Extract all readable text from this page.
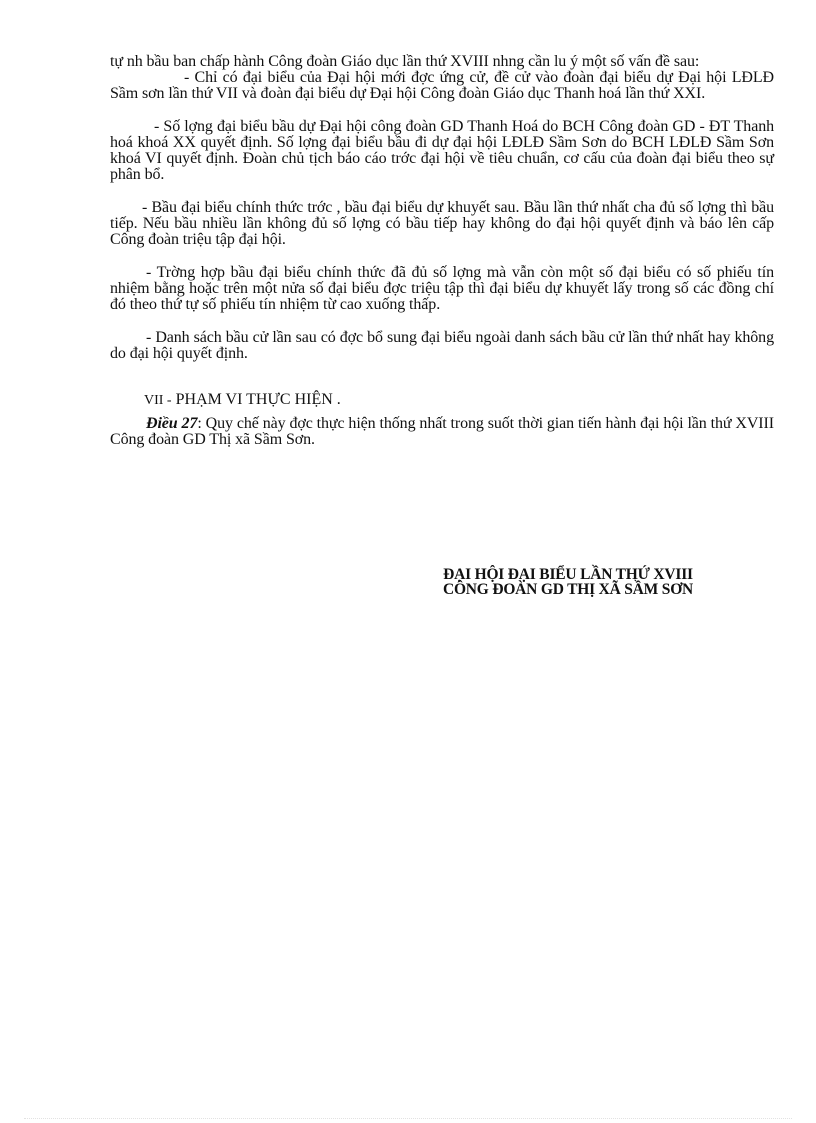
tự nh bầu ban chấp hành Công đoàn Giáo dục lần thứ XVIII nhng cần lu ý một số vấn đề sau:

- Chỉ có đại biểu của Đại hội mới đợc ứng cử, đề cử vào đoàn đại biểu dự Đại hội LĐLĐ Sầm sơn lần thứ VII và đoàn đại biểu dự Đại hội Công đoàn Giáo dục Thanh hoá lần thứ XXI.

- Số lợng đại biểu bầu dự Đại hội công đoàn GD Thanh Hoá do BCH Công đoàn GD - ĐT Thanh hoá khoá XX quyết định. Số lợng đại biểu bầu đi dự đại hội LĐLĐ Sầm Sơn do BCH LĐLĐ Sầm Sơn khoá VI quyết định. Đoàn chủ tịch báo cáo trớc đại hội về tiêu chuẩn, cơ cấu của đoàn đại biểu theo sự phân bổ.

- Bầu đại biểu chính thức trớc , bầu đại biểu dự khuyết sau. Bầu lần thứ nhất cha đủ số lợng thì bầu tiếp. Nếu bầu nhiều lần không đủ số lợng có bầu tiếp hay không do đại hội quyết định và báo lên cấp Công đoàn triệu tập đại hội.

- Trờng hợp bầu đại biểu chính thức đã đủ số lợng mà vẫn còn một số đại biểu có số phiếu tín nhiệm bằng hoặc trên một nửa số đại biểu đợc triệu tập thì đại biểu dự khuyết lấy trong số các đồng chí đó theo thứ tự số phiếu tín nhiệm từ cao xuống thấp.

- Danh sách bầu cử lần sau có đợc bổ sung đại biểu ngoài danh sách bầu cử lần thứ nhất hay không do đại hội quyết định.

VII - PHẠM VI THỰC HIỆN .

Điều 27: Quy chế này đợc thực hiện thống nhất trong suốt thời gian tiến hành đại hội lần thứ XVIII Công đoàn GD Thị xã Sầm Sơn.

ĐẠI HỘI ĐẠI BIỂU LẦN THỨ XVIII
CÔNG ĐOÀN GD THỊ XÃ SẦM SƠN
